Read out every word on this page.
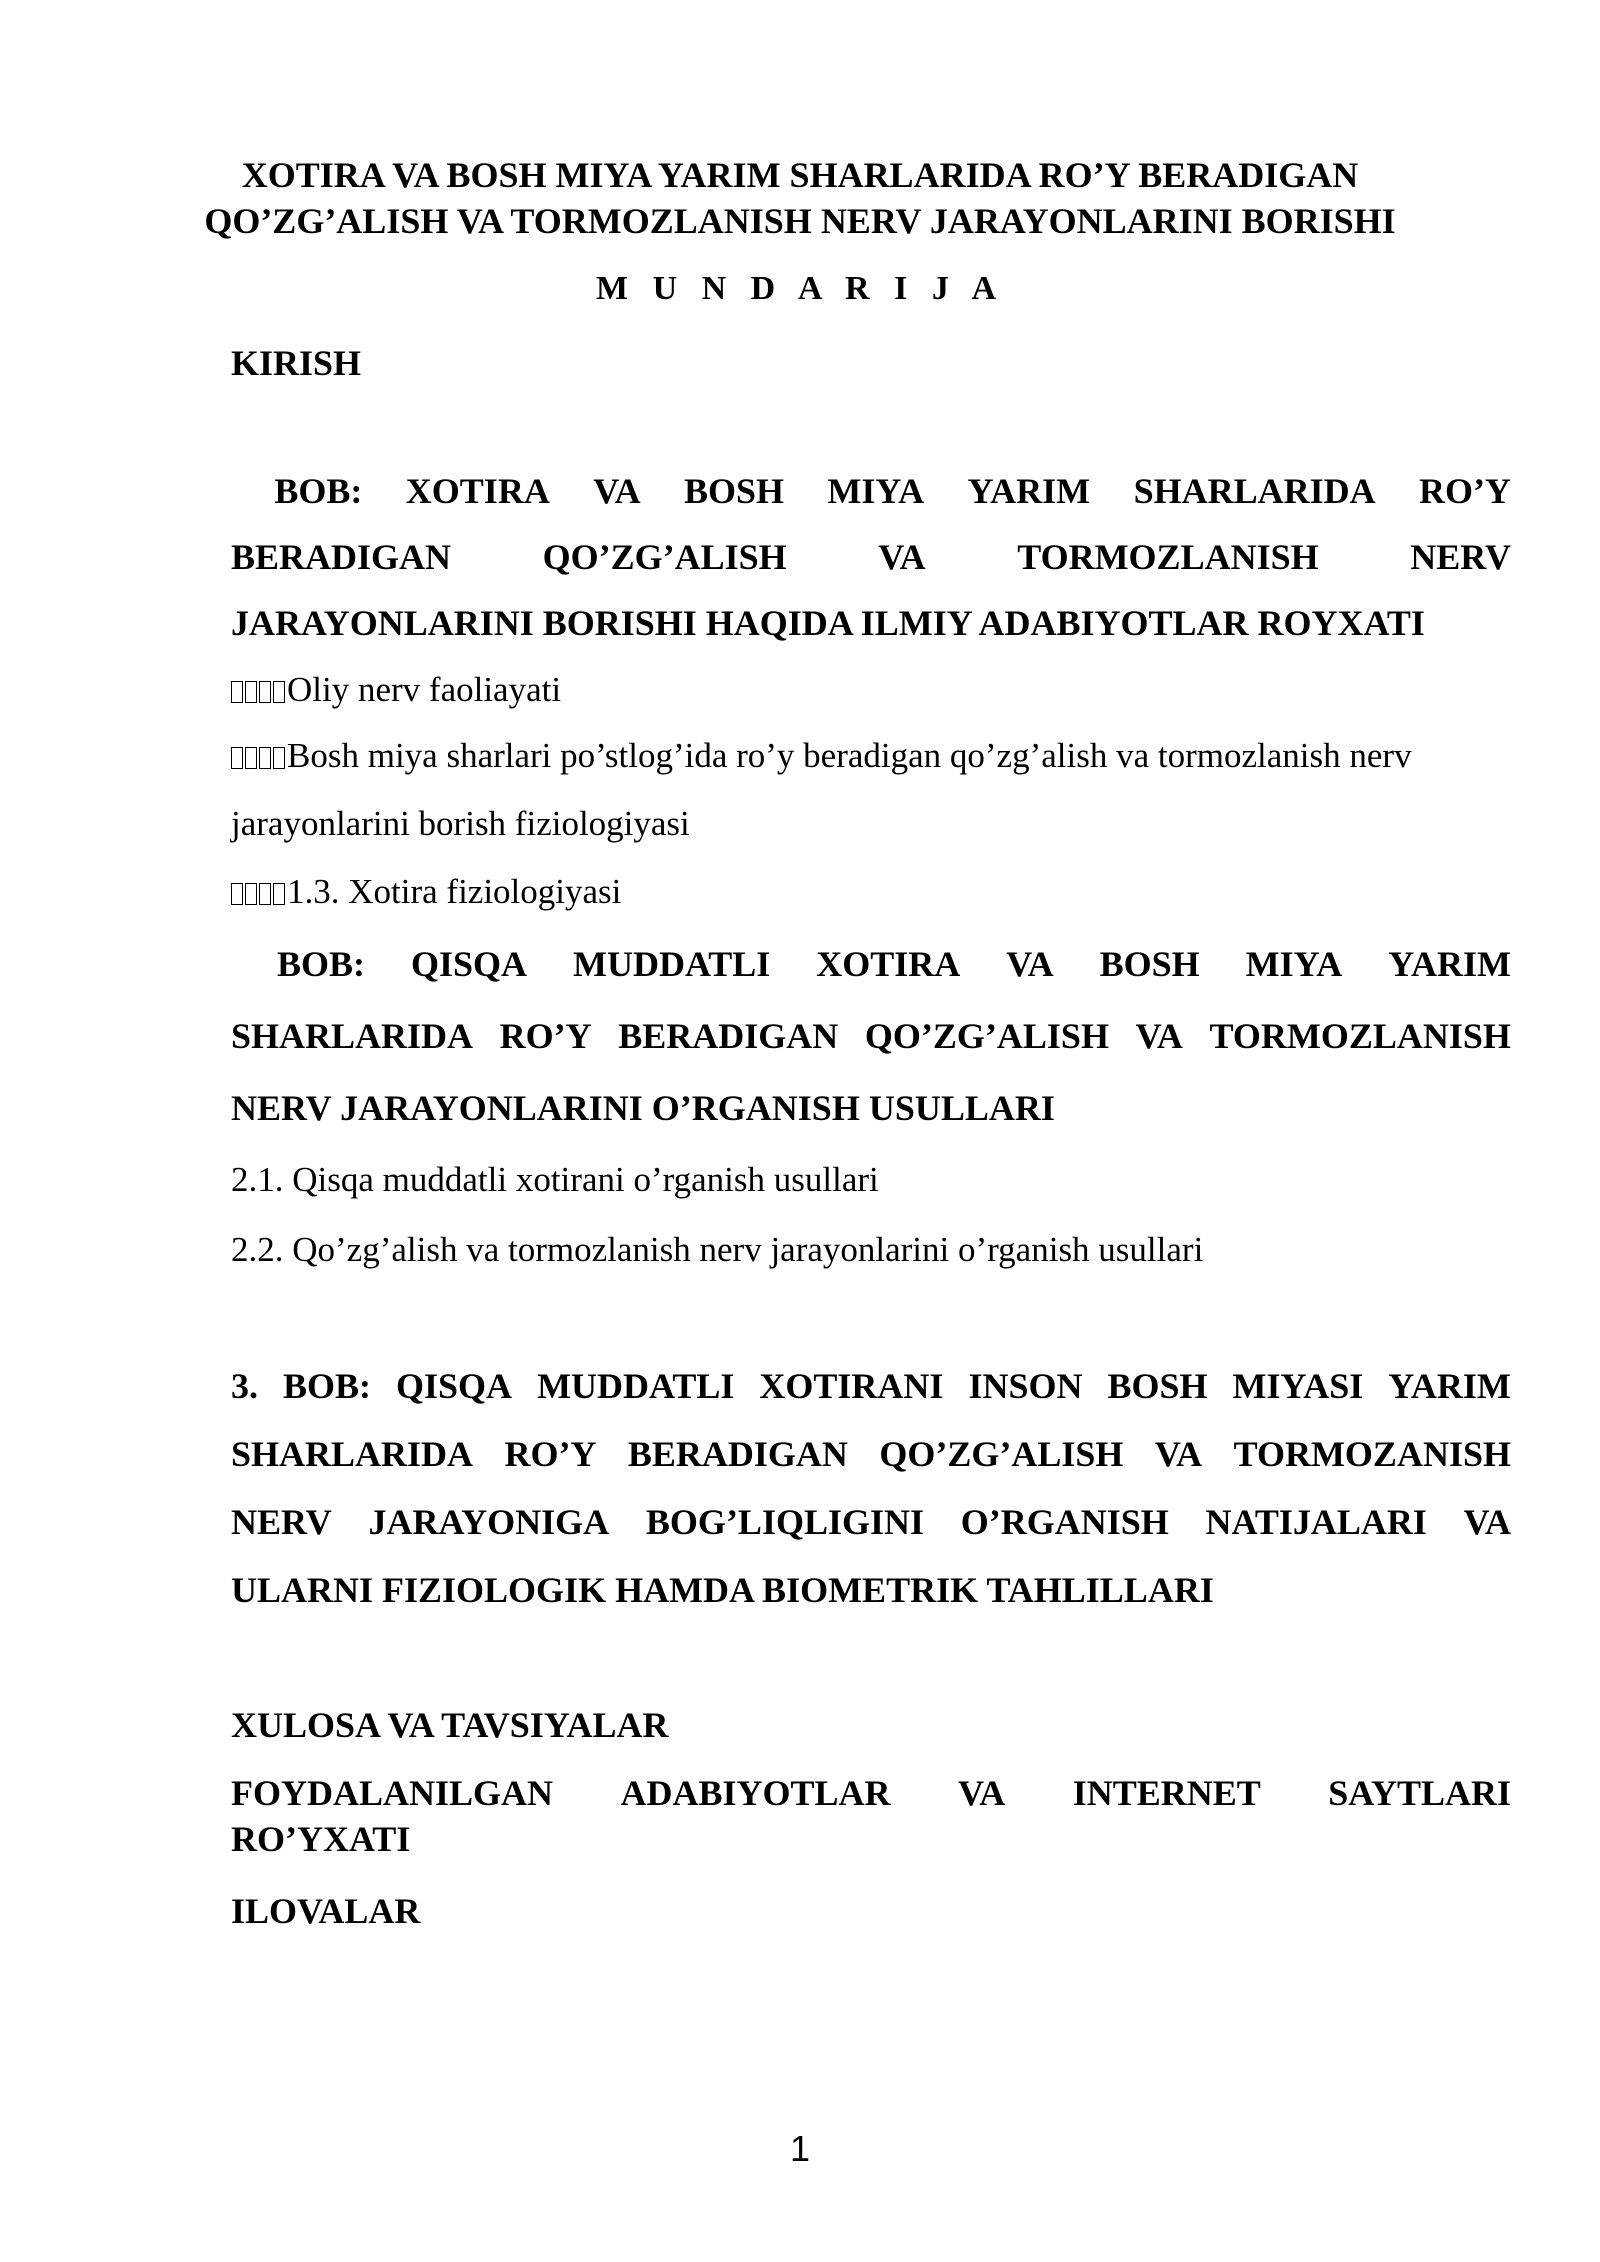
XOTIRA VA BOSH MIYA YARIM SHARLARIDA RO’Y BERADIGAN
QO’ZG’ALISH VA TORMOZLANISH NERV JARAYONLARINI BORISHI
M U N D A R I J A
KIRISH
BOB: XOTIRA VA BOSH MIYA YARIM SHARLARIDA RO’Y
BERADIGAN	QO’ZG’ALISH	VA	TORMOZLANISH	NERV
JARAYONLARINI BORISHI HAQIDA ILMIY ADABIYOTLAR ROYXATI
Oliy nerv faoliayati
Bosh miya sharlari po’stlog’ida ro’y beradigan qo’zg’alish va tormozlanish nerv
jarayonlarini borish fiziologiyasi
1.3. Xotira fiziologiyasi
BOB: QISQA MUDDATLI XOTIRA VA BOSH MIYA YARIM
SHARLARIDA RO’Y BERADIGAN QO’ZG’ALISH VA TORMOZLANISH
NERV JARAYONLARINI O’RGANISH USULLARI
2.1. Qisqa muddatli xotirani o’rganish usullari
2.2. Qo’zg’alish va tormozlanish nerv jarayonlarini o’rganish usullari
3. BOB: QISQA MUDDATLI XOTIRANI INSON BOSH MIYASI YARIM
SHARLARIDA RO’Y BERADIGAN QO’ZG’ALISH VA TORMOZANISH
NERV JARAYONIGA BOG’LIQLIGINI O’RGANISH NATIJALARI VA
ULARNI FIZIOLOGIK HAMDA BIOMETRIK TAHLILLARI
XULOSA VA TAVSIYALAR
FOYDALANILGAN ADABIYOTLAR VA INTERNET SAYTLARI
RO’YXATI
ILOVALAR
1
